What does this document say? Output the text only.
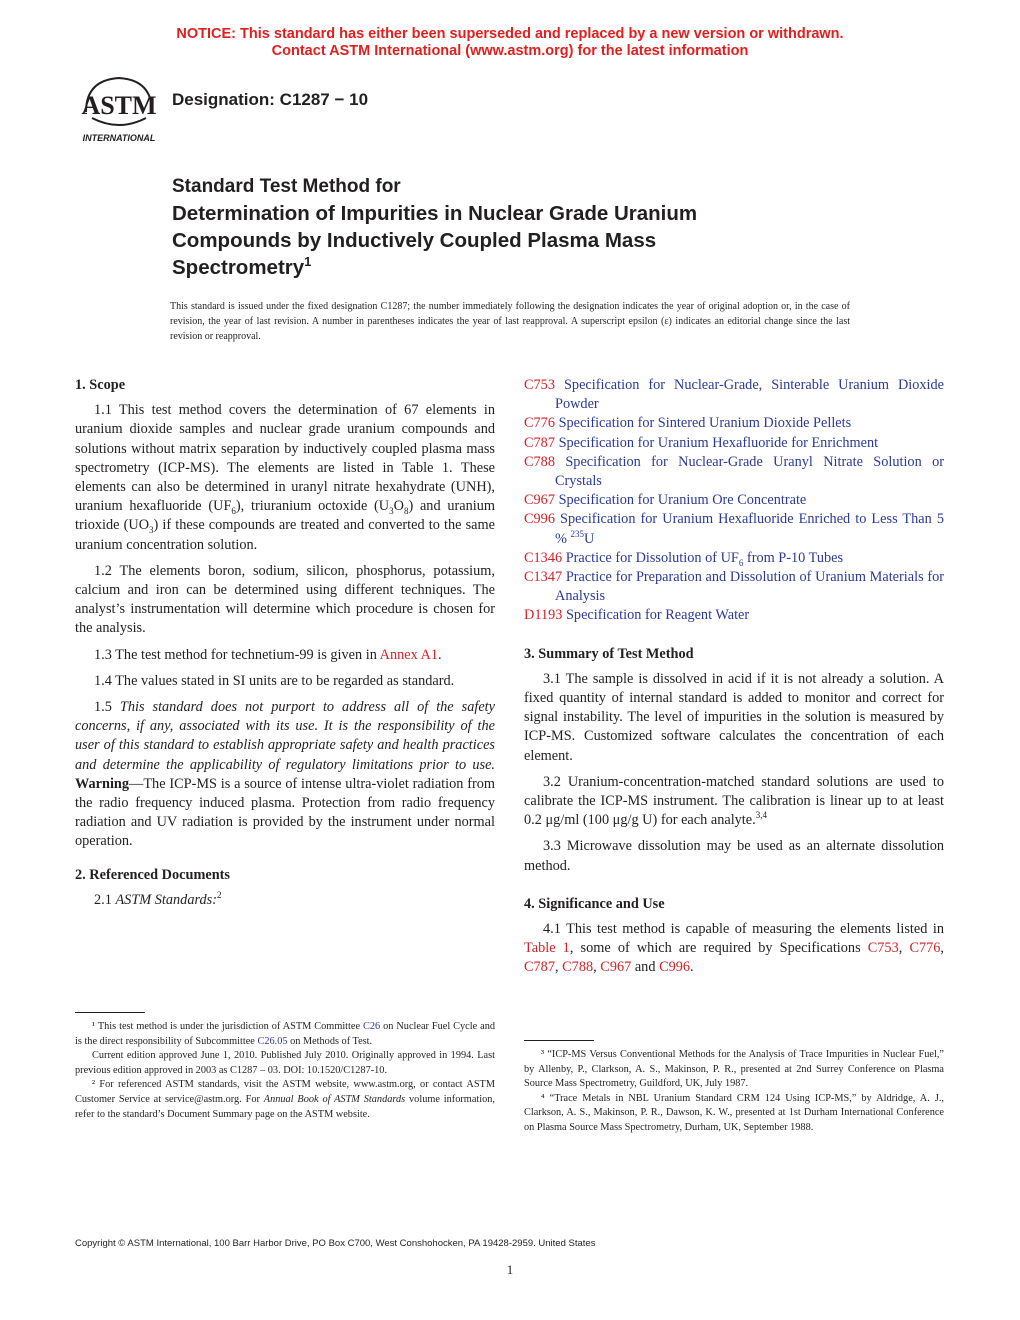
NOTICE: This standard has either been superseded and replaced by a new version or withdrawn.
Contact ASTM International (www.astm.org) for the latest information
ASTM
INTERNATIONAL
Designation: C1287 − 10
Standard Test Method for
Determination of Impurities in Nuclear Grade Uranium
Compounds by Inductively Coupled Plasma Mass
Spectrometry$^1$
This standard is issued under the fixed designation C1287; the number immediately following the designation indicates the year of original adoption or, in the case of revision, the year of last revision. A number in parentheses indicates the year of last reapproval. A superscript epsilon (ε) indicates an editorial change since the last revision or reapproval.

1. Scope

1.1 This test method covers the determination of 67 elements in uranium dioxide samples and nuclear grade uranium compounds and solutions without matrix separation by inductively coupled plasma mass spectrometry (ICP-MS). The elements are listed in Table 1. These elements can also be determined in uranyl nitrate hexahydrate (UNH), uranium hexafluoride $(UF_6)$, triuranium octoxide $(U_3O_8)$ and uranium trioxide $(UO_3)$ if these compounds are treated and converted to the same uranium concentration solution.

1.2 The elements boron, sodium, silicon, phosphorus, potassium, calcium and iron can be determined using different techniques. The analyst’s instrumentation will determine which procedure is chosen for the analysis.

1.3 The test method for technetium-99 is given in Annex A1.

1.4 The values stated in SI units are to be regarded as standard.

1.5 This standard does not purport to address all of the safety concerns, if any, associated with its use. It is the responsibility of the user of this standard to establish appropriate safety and health practices and determine the applicability of regulatory limitations prior to use. Warning—The ICP-MS is a source of intense ultra-violet radiation from the radio frequency induced plasma. Protection from radio frequency radiation and UV radiation is provided by the instrument under normal operation.

2. Referenced Documents

2.1 ASTM Standards:$^2$

C753 Specification for Nuclear-Grade, Sinterable Uranium Dioxide Powder

C776 Specification for Sintered Uranium Dioxide Pellets

C787 Specification for Uranium Hexafluoride for Enrichment

C788 Specification for Nuclear-Grade Uranyl Nitrate Solution or Crystals

C967 Specification for Uranium Ore Concentrate

C996 Specification for Uranium Hexafluoride Enriched to Less Than 5 % $^{235}$U

C1346 Practice for Dissolution of $UF_6$ from P-10 Tubes

C1347 Practice for Preparation and Dissolution of Uranium Materials for Analysis

D1193 Specification for Reagent Water

3. Summary of Test Method

3.1 The sample is dissolved in acid if it is not already a solution. A fixed quantity of internal standard is added to monitor and correct for signal instability. The level of impurities in the solution is measured by ICP-MS. Customized software calculates the concentration of each element.

3.2 Uranium-concentration-matched standard solutions are used to calibrate the ICP-MS instrument. The calibration is linear up to at least 0.2 μg/ml (100 μg/g U) for each analyte.$^{3,4}$

3.3 Microwave dissolution may be used as an alternate dissolution method.

4. Significance and Use

4.1 This test method is capable of measuring the elements listed in Table 1, some of which are required by Specifications C753, C776, C787, C788, C967 and C996.

¹ This test method is under the jurisdiction of ASTM Committee C26 on Nuclear Fuel Cycle and is the direct responsibility of Subcommittee C26.05 on Methods of Test.

Current edition approved June 1, 2010. Published July 2010. Originally approved in 1994. Last previous edition approved in 2003 as C1287 – 03. DOI: 10.1520/C1287-10.

² For referenced ASTM standards, visit the ASTM website, www.astm.org, or contact ASTM Customer Service at service@astm.org. For Annual Book of ASTM Standards volume information, refer to the standard’s Document Summary page on the ASTM website.

³ “ICP-MS Versus Conventional Methods for the Analysis of Trace Impurities in Nuclear Fuel,” by Allenby, P., Clarkson, A. S., Makinson, P. R., presented at 2nd Surrey Conference on Plasma Source Mass Spectrometry, Guildford, UK, July 1987.

⁴ “Trace Metals in NBL Uranium Standard CRM 124 Using ICP-MS,” by Aldridge, A. J., Clarkson, A. S., Makinson, P. R., Dawson, K. W., presented at 1st Durham International Conference on Plasma Source Mass Spectrometry, Durham, UK, September 1988.

Copyright © ASTM International, 100 Barr Harbor Drive, PO Box C700, West Conshohocken, PA 19428-2959. United States
1
